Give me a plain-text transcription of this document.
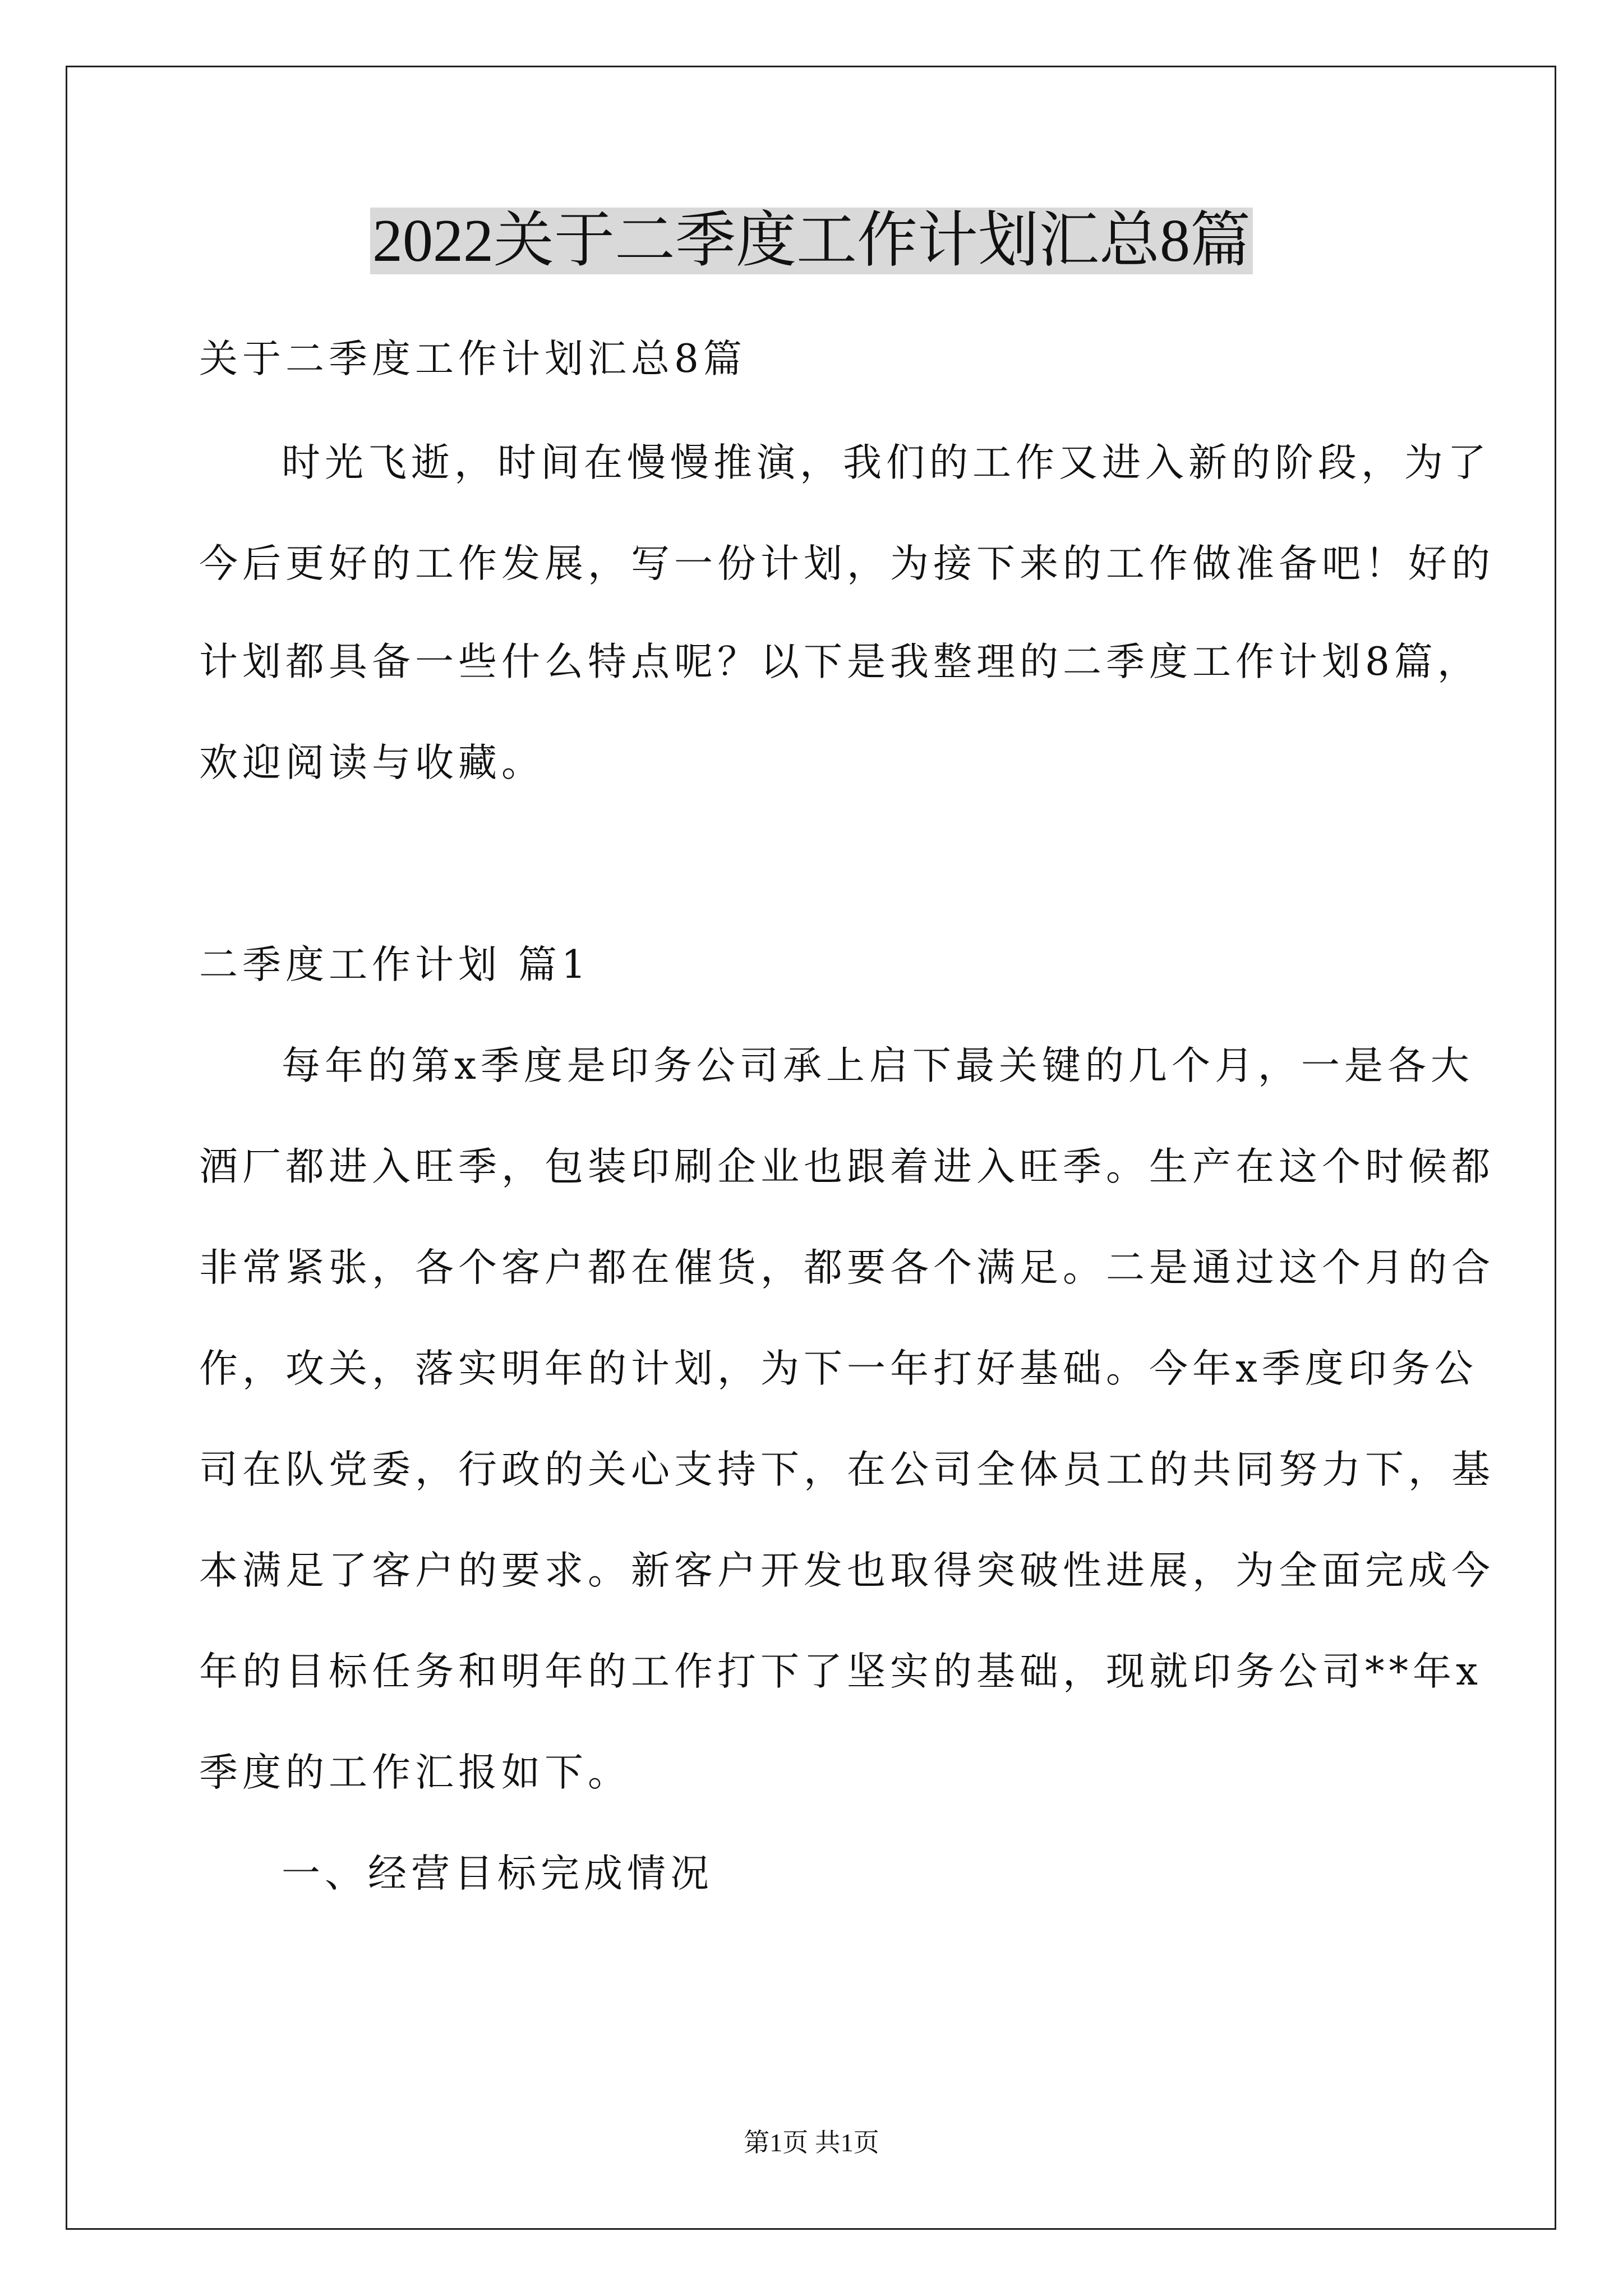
2022关于二季度工作计划汇总8篇
关于二季度工作计划汇总8篇
时光飞逝，时间在慢慢推演，我们的工作又进入新的阶段，为了
今后更好的工作发展，写一份计划，为接下来的工作做准备吧！好的
计划都具备一些什么特点呢？以下是我整理的二季度工作计划8篇，
欢迎阅读与收藏。
二季度工作计划 篇1
每年的第x季度是印务公司承上启下最关键的几个月，一是各大
酒厂都进入旺季，包装印刷企业也跟着进入旺季。生产在这个时候都
非常紧张，各个客户都在催货，都要各个满足。二是通过这个月的合
作，攻关，落实明年的计划，为下一年打好基础。今年x季度印务公
司在队党委，行政的关心支持下，在公司全体员工的共同努力下，基
本满足了客户的要求。新客户开发也取得突破性进展，为全面完成今
年的目标任务和明年的工作打下了坚实的基础，现就印务公司**年x
季度的工作汇报如下。
一、经营目标完成情况
第1页 共1页
